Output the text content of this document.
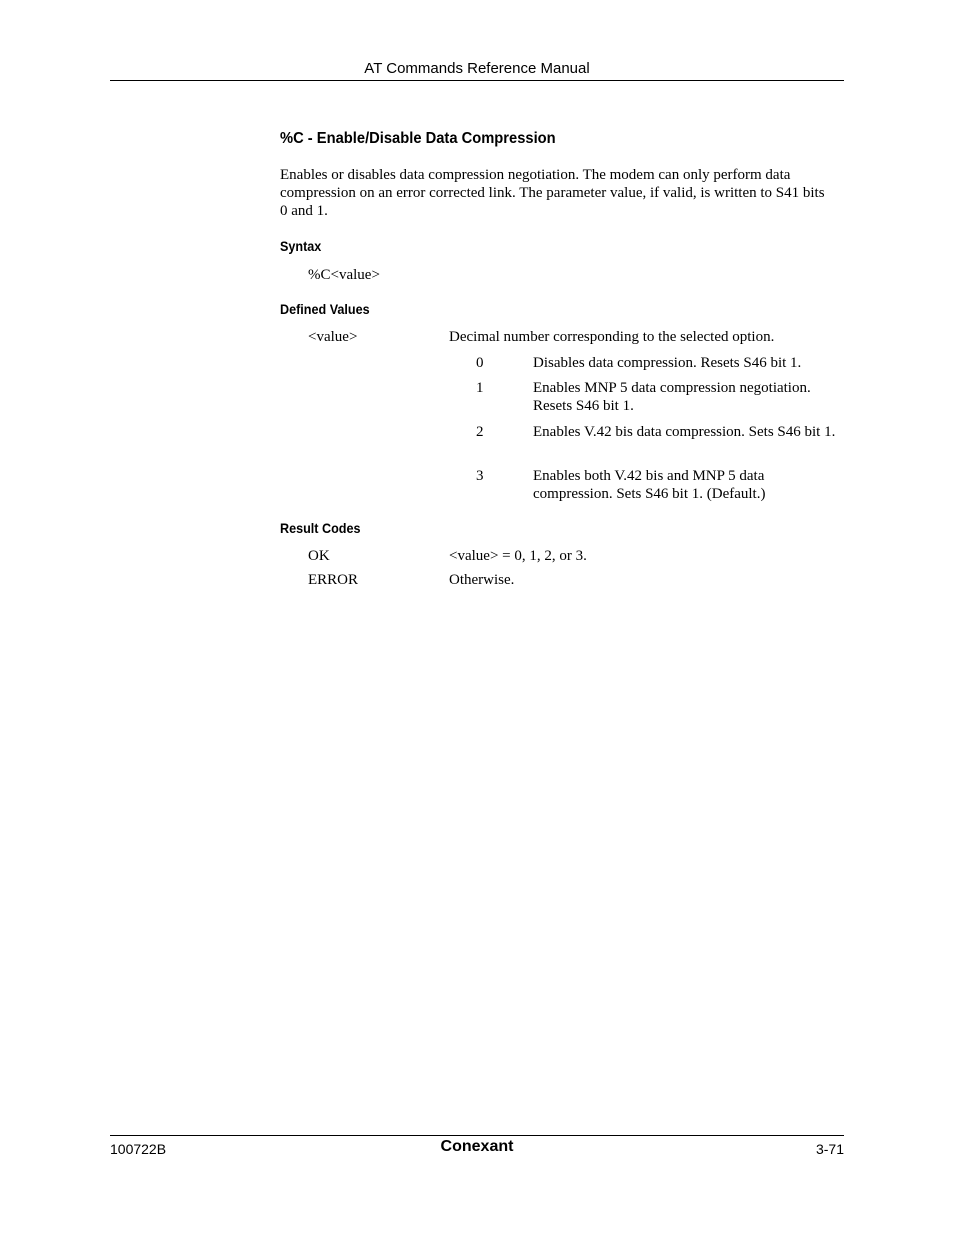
AT Commands Reference Manual
%C - Enable/Disable Data Compression
Enables or disables data compression negotiation. The modem can only perform data compression on an error corrected link. The parameter value, if valid, is written to S41 bits 0 and 1.
Syntax
%C<value>
Defined Values
<value>	Decimal number corresponding to the selected option.
0	Disables data compression. Resets S46 bit 1.
1	Enables MNP 5 data compression negotiation. Resets S46 bit 1.
2	Enables V.42 bis data compression. Sets S46 bit 1.
3	Enables both V.42 bis and MNP 5 data compression. Sets S46 bit 1. (Default.)
Result Codes
OK	<value> = 0, 1, 2, or 3.
ERROR	Otherwise.
100722B	Conexant	3-71
